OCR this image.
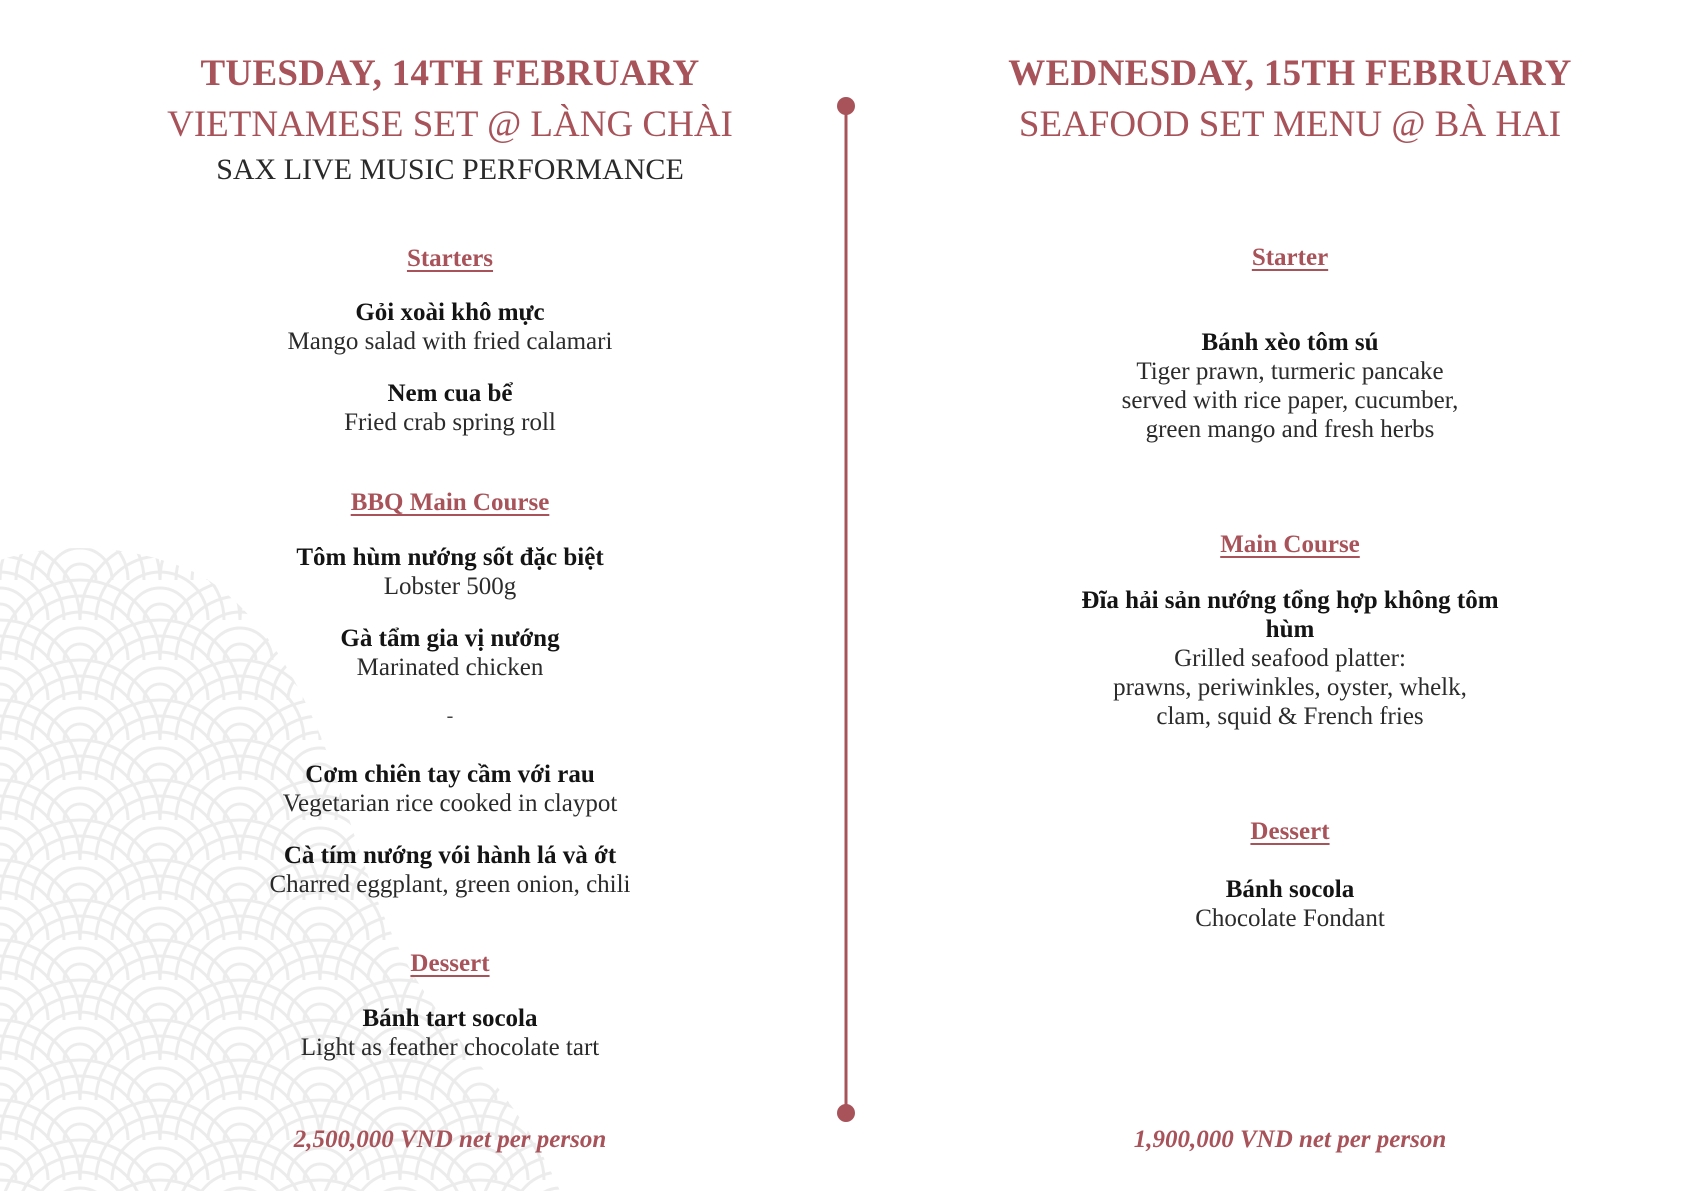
TUESDAY, 14TH FEBRUARY
VIETNAMESE SET @ LÀNG CHÀI
SAX LIVE MUSIC PERFORMANCE
Starters
Gỏi xoài khô mực
Mango salad with fried calamari
Nem cua bể
Fried crab spring roll
BBQ Main Course
Tôm hùm nướng sốt đặc biệt
Lobster 500g
Gà tẩm gia vị nướng
Marinated chicken
-
Cơm chiên tay cầm với rau
Vegetarian rice cooked in claypot
Cà tím nướng vói hành lá và ớt
Charred eggplant, green onion, chili
Dessert
Bánh tart socola
Light as feather chocolate tart
2,500,000 VND net per person
WEDNESDAY, 15TH FEBRUARY
SEAFOOD SET MENU @ BÀ HAI
Starter
Bánh xèo tôm sú
Tiger prawn, turmeric pancake
served with rice paper, cucumber,
green mango and fresh herbs
Main Course
Đĩa hải sản nướng tổng hợp không tôm
hùm
Grilled seafood platter:
prawns, periwinkles, oyster, whelk,
clam, squid & French fries
Dessert
Bánh socola
Chocolate Fondant
1,900,000 VND net per person
